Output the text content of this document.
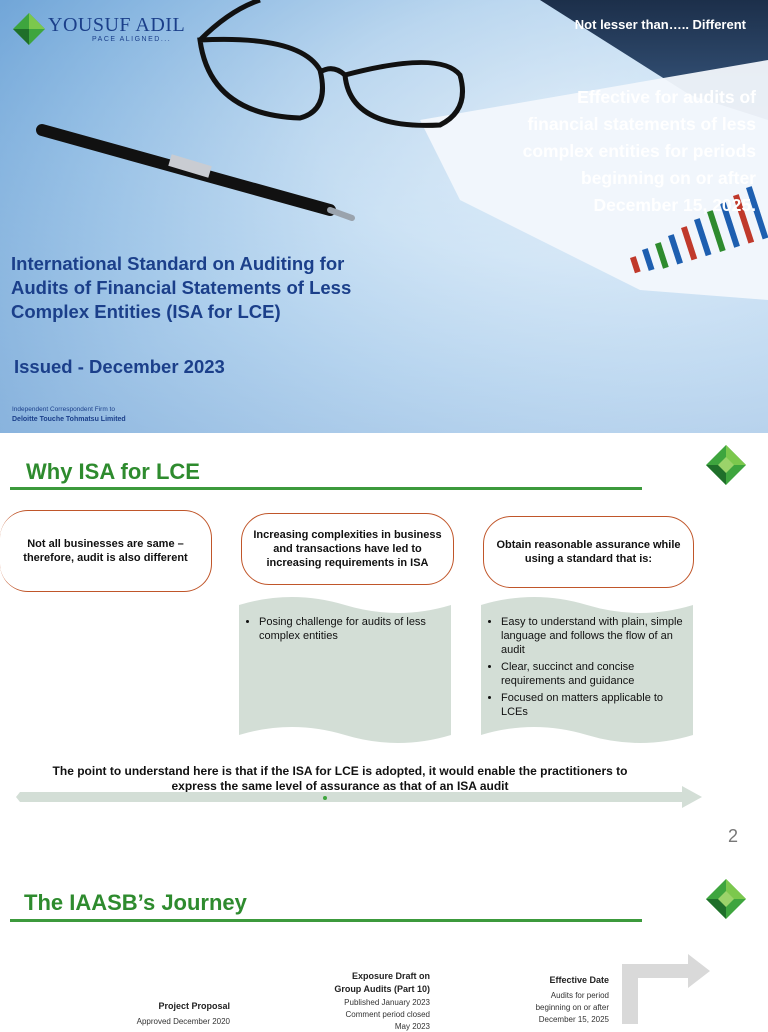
YOUSUF ADIL
PACE ALIGNED...
Not lesser than….. Different
Effective for audits of
financial statements of less
complex entities for periods
beginning on or after
December 15, 2025.
International Standard on Auditing for
Audits of Financial Statements of Less
Complex Entities (ISA for LCE)
Issued - December 2023
Independent Correspondent Firm to
Deloitte Touche Tohmatsu Limited
Why ISA for LCE
Not all businesses are same – therefore, audit is also different
Increasing complexities in business and transactions have led to increasing requirements in ISA
Obtain reasonable assurance while using a standard that is:
• Posing challenge for audits of less complex entities
• Easy to understand with plain, simple language and follows the flow of an audit
• Clear, succinct and concise requirements and guidance
• Focused on matters applicable to LCEs
The point to understand here is that if the ISA for LCE is adopted, it would enable the practitioners to express the same level of assurance as that of an ISA audit
2
The IAASB’s Journey
Project Proposal
Approved December 2020
Exposure Draft on
Group Audits (Part 10)
Published January 2023
Comment period closed
May 2023
Effective Date
Audits for period
beginning on or after
December 15, 2025
